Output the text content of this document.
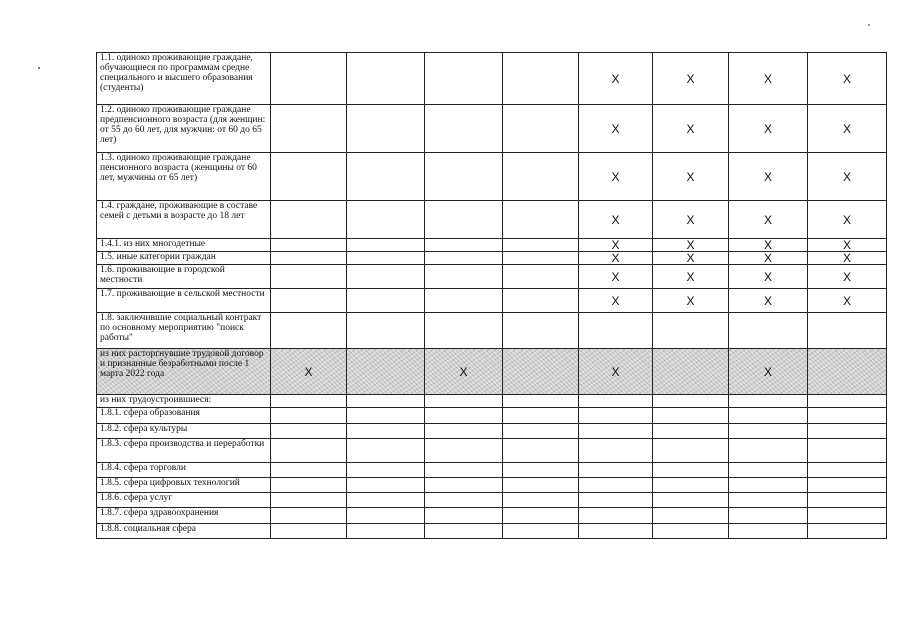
1.1. одиноко проживающие граждане, обучающиеся по программам средне специального и высшего образования (студенты)					X	X	X	X
1.2. одиноко проживающие граждане предпенсионного возраста (для женщин: от 55 до 60 лет, для мужчин: от 60 до 65 лет)					X	X	X	X
1.3. одиноко проживающие граждане пенсионного возраста (женщины от 60 лет, мужчины от 65 лет)					X	X	X	X
1.4. граждане, проживающие в составе семей с детьми в возрасте до 18 лет					X	X	X	X
1.4.1. из них многодетные					X	X	X	X
1.5. иные категории граждан					X	X	X	X
1.6. проживающие в городской местности					X	X	X	X
1.7. проживающие в сельской местности					X	X	X	X
1.8. заключившие социальный контракт по основному мероприятию "поиск работы"								
из них расторгнувшие трудовой договор и признанные безработными после 1 марта 2022 года	X		X		X		X	
из них трудоустроившиеся:								
1.8.1. сфера образования								
1.8.2. сфера культуры								
1.8.3. сфера производства и переработки								
1.8.4. сфера торговли								
1.8.5. сфера цифровых технологий								
1.8.6. сфера услуг								
1.8.7. сфера здравоохранения								
1.8.8. социальная сфера								
